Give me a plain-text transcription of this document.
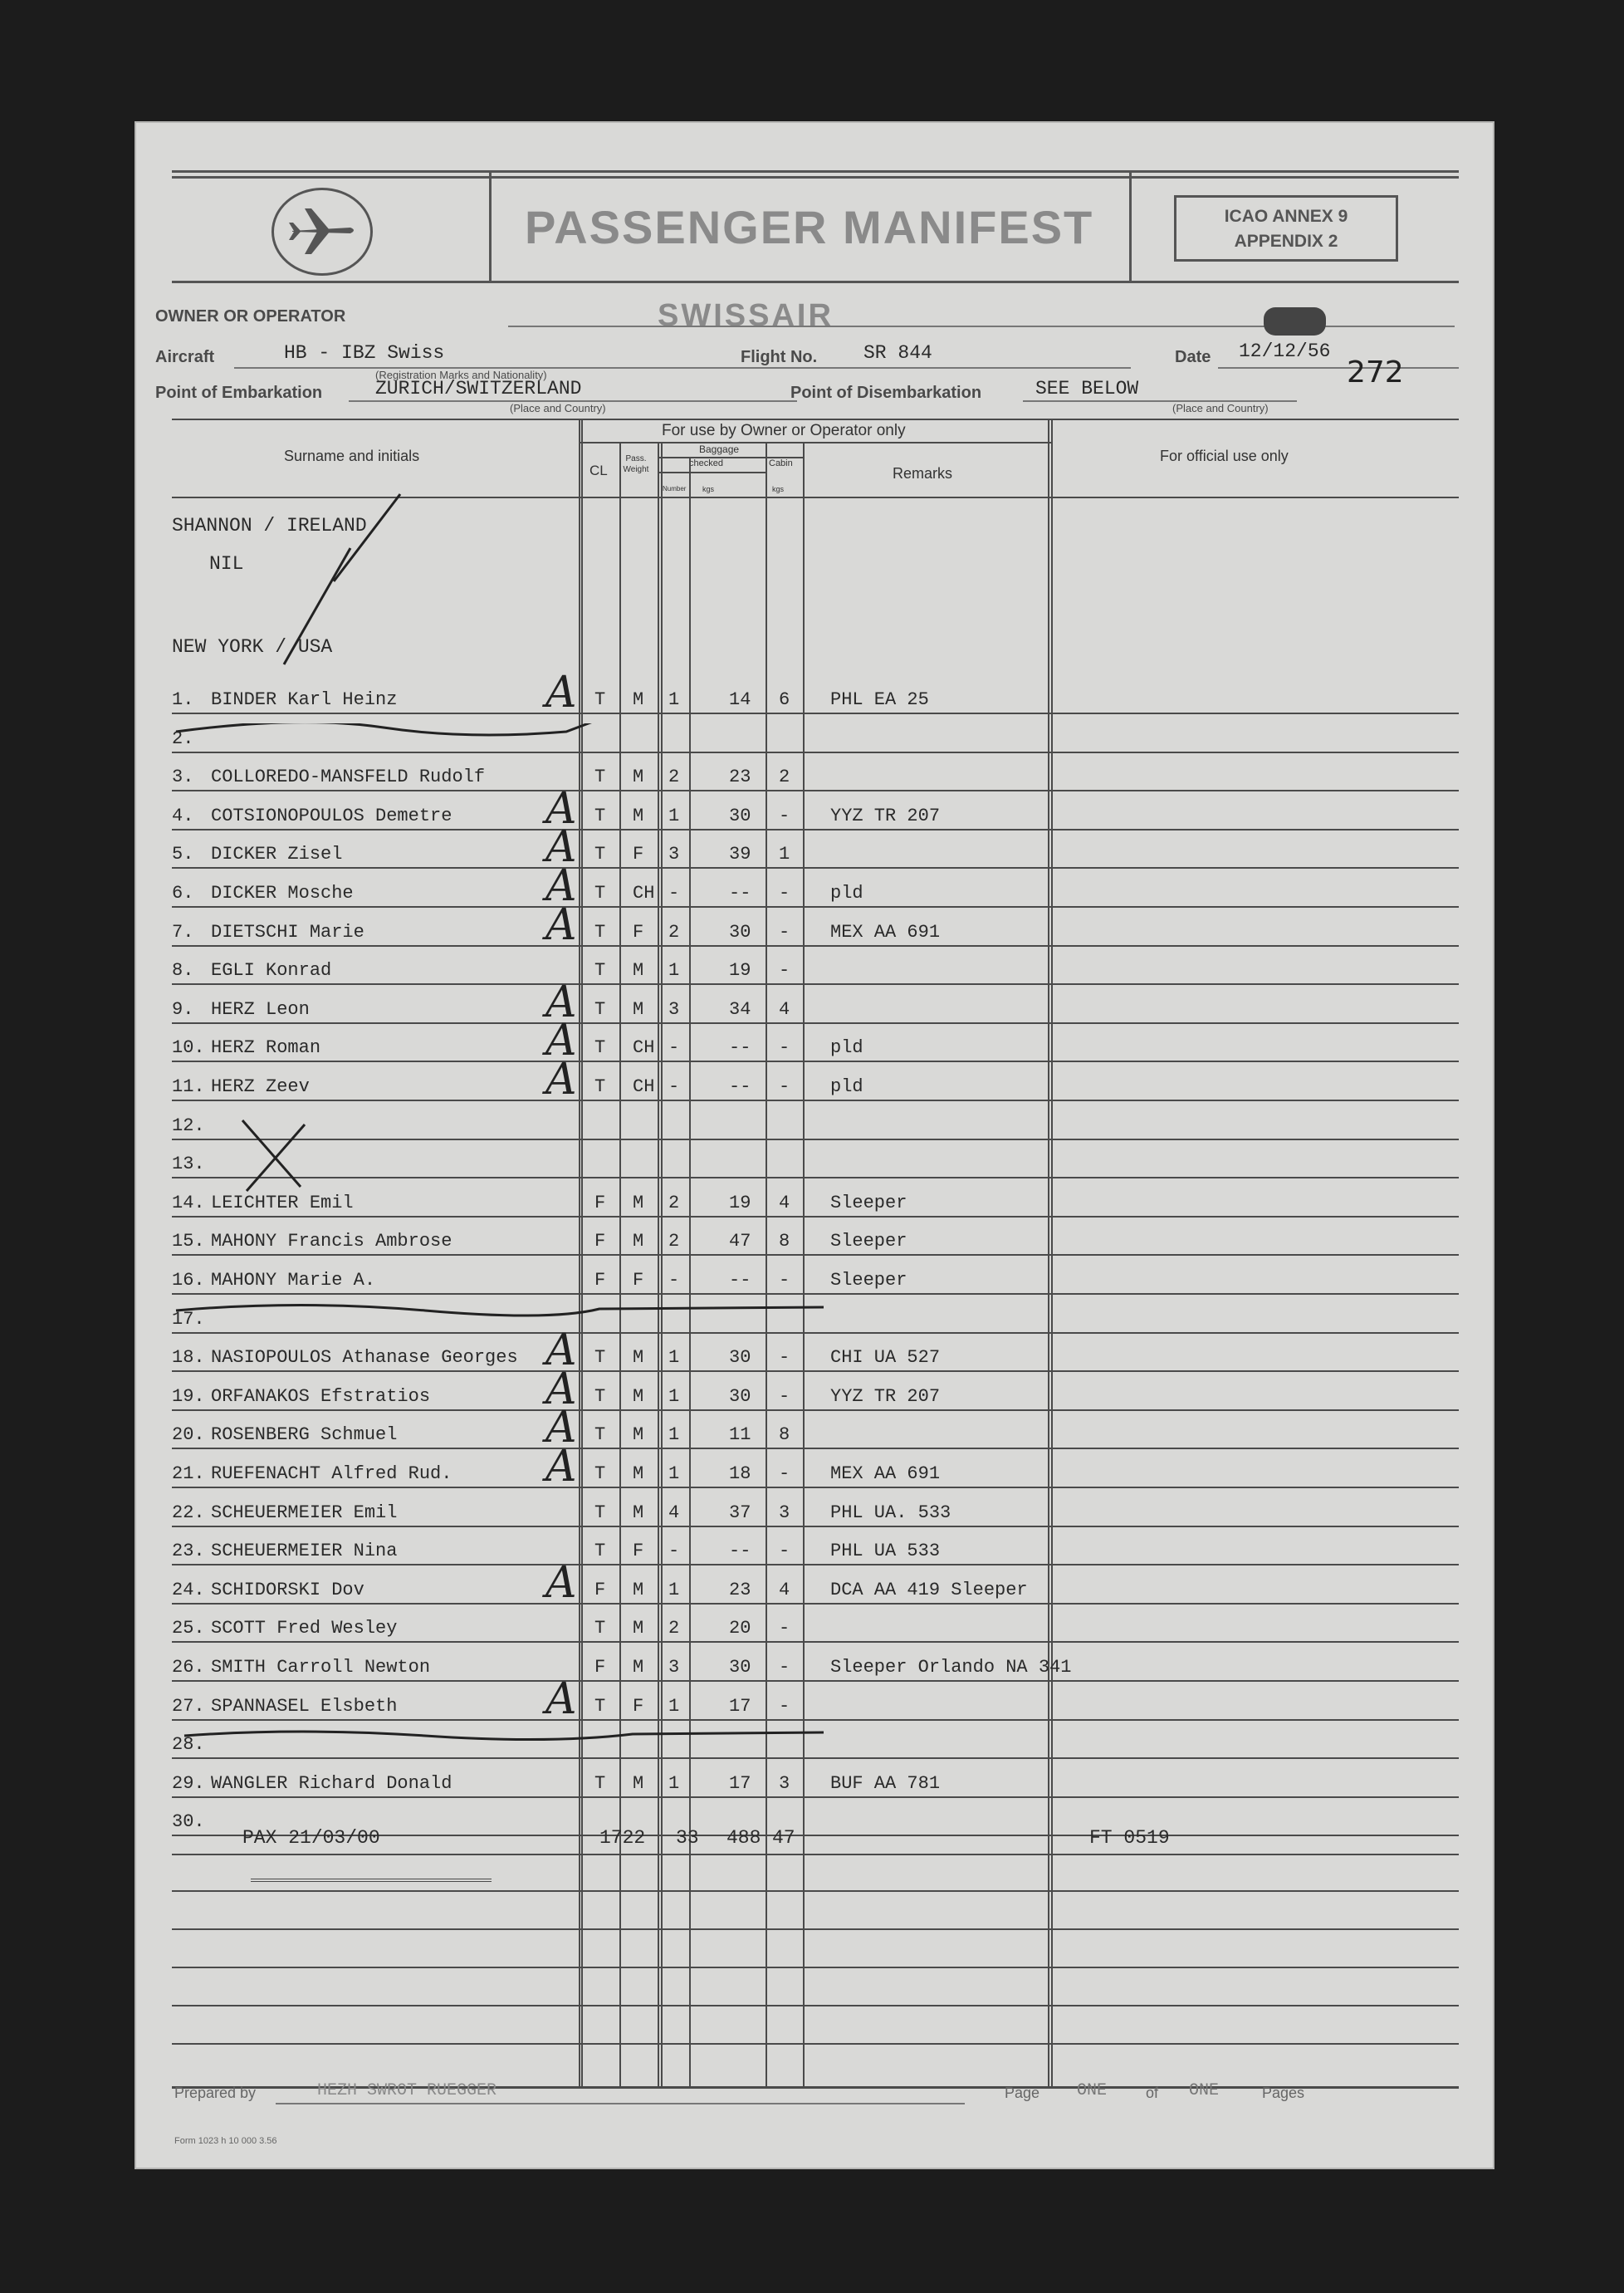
PASSENGER MANIFEST	ICAO ANNEX 9
APPENDIX 2
OWNER OR OPERATOR	SWISSAIR
Aircraft	HB - IBZ Swiss
(Registration Marks and Nationality)
Flight No. SR 844	Date 12/12/56
272
Point of Embarkation	ZURICH/SWITZERLAND
(Place and Country)
Point of Disembarkation	SEE BELOW
(Place and Country)
Surname and initials
For use by Owner or Operator only
CL
Pass. Weight
Baggage
checked	Cabin
Number kgs	kgs
Remarks
For official use only
SHANNON / IRELAND
NIL
NEW YORK / USA
1. BINDER Karl Heinz	T M 1	14 6 PHL EA 25
A
2.
3. COLLOREDO-MANSFELD Rudolf	T M 2	23 2
4. COTSIONOPOULOS Demetre	T M 1	30 - YYZ TR 207
A
5. DICKER Zisel	T F 3	39 1
A
6. DICKER Mosche	T CH -	-- - pld
A
7. DIETSCHI Marie	T F 2	30 - MEX AA 691
A
8. EGLI Konrad	T M 1	19 -
9. HERZ Leon	T M 3	34 4
A
10. HERZ Roman	T CH -	-- - pld
A
11. HERZ Zeev	T CH -	-- - pld
A
12.
13.
14. LEICHTER Emil	F M 2	19 4 Sleeper
15. MAHONY Francis Ambrose	F M 2	47 8 Sleeper
16. MAHONY Marie A.	F F -	-- - Sleeper
17.
18. NASIOPOULOS Athanase Georges	T M 1	30 - CHI UA 527
A
19. ORFANAKOS Efstratios	T M 1	30 - YYZ TR 207
A
20. ROSENBERG Schmuel	T M 1	11 8
A
21. RUEFENACHT Alfred Rud.	T M 1	18 - MEX AA 691
A
22. SCHEUERMEIER Emil	T M 4	37 3 PHL UA. 533
23. SCHEUERMEIER Nina	T F -	-- - PHL UA 533
24. SCHIDORSKI Dov	F M 1	23 4 DCA AA 419 Sleeper
A
25. SCOTT Fred Wesley	T M 2	20 -
26. SMITH Carroll Newton	F M 3	30 - Sleeper Orlando NA 341
27. SPANNASEL Elsbeth	T F 1	17 -
A
28.
29. WANGLER Richard Donald	T M 1	17 3 BUF AA 781
30.
PAX 21/03/00	1722 33 488 47	FT 0519
Prepared by	HEZH SWROT RUEGGER	Page ONE	of ONE	Pages
Form 1023 h 10 000 3.56
